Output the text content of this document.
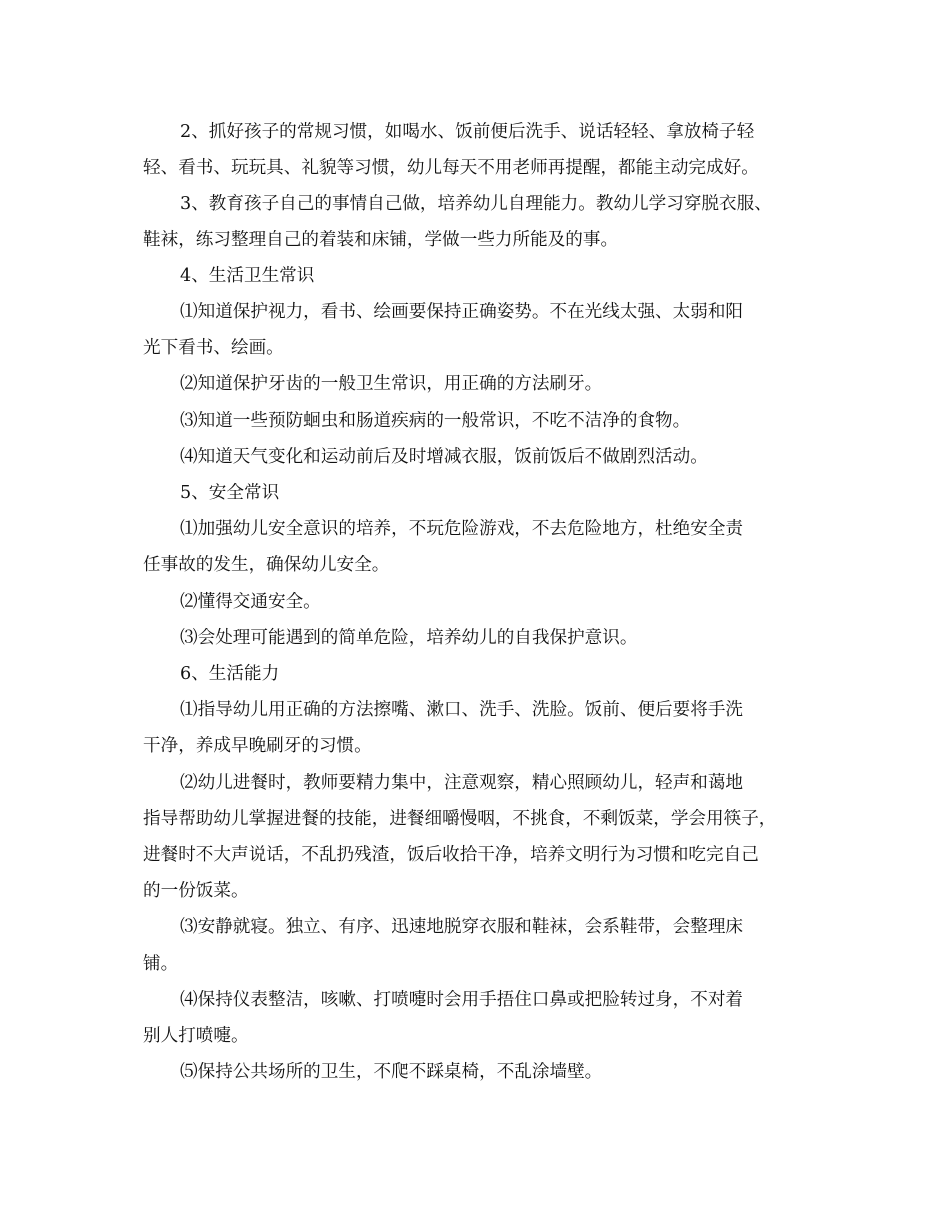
2、抓好孩子的常规习惯，如喝水、饭前便后洗手、说话轻轻、拿放椅子轻
轻、看书、玩玩具、礼貌等习惯，幼儿每天不用老师再提醒，都能主动完成好。
3、教育孩子自己的事情自己做，培养幼儿自理能力。教幼儿学习穿脱衣服、
鞋袜，练习整理自己的着装和床铺，学做一些力所能及的事。
4、生活卫生常识
⑴知道保护视力，看书、绘画要保持正确姿势。不在光线太强、太弱和阳
光下看书、绘画。
⑵知道保护牙齿的一般卫生常识，用正确的方法刷牙。
⑶知道一些预防蛔虫和肠道疾病的一般常识，不吃不洁净的食物。
⑷知道天气变化和运动前后及时增减衣服，饭前饭后不做剧烈活动。
5、安全常识
⑴加强幼儿安全意识的培养，不玩危险游戏，不去危险地方，杜绝安全责
任事故的发生，确保幼儿安全。
⑵懂得交通安全。
⑶会处理可能遇到的简单危险，培养幼儿的自我保护意识。
6、生活能力
⑴指导幼儿用正确的方法擦嘴、漱口、洗手、洗脸。饭前、便后要将手洗
干净，养成早晚刷牙的习惯。
⑵幼儿进餐时，教师要精力集中，注意观察，精心照顾幼儿，轻声和蔼地
指导帮助幼儿掌握进餐的技能，进餐细嚼慢咽，不挑食，不剩饭菜，学会用筷子，
进餐时不大声说话，不乱扔残渣，饭后收拾干净，培养文明行为习惯和吃完自己
的一份饭菜。
⑶安静就寝。独立、有序、迅速地脱穿衣服和鞋袜，会系鞋带，会整理床
铺。
⑷保持仪表整洁，咳嗽、打喷嚏时会用手捂住口鼻或把脸转过身，不对着
别人打喷嚏。
⑸保持公共场所的卫生，不爬不踩桌椅，不乱涂墙壁。
